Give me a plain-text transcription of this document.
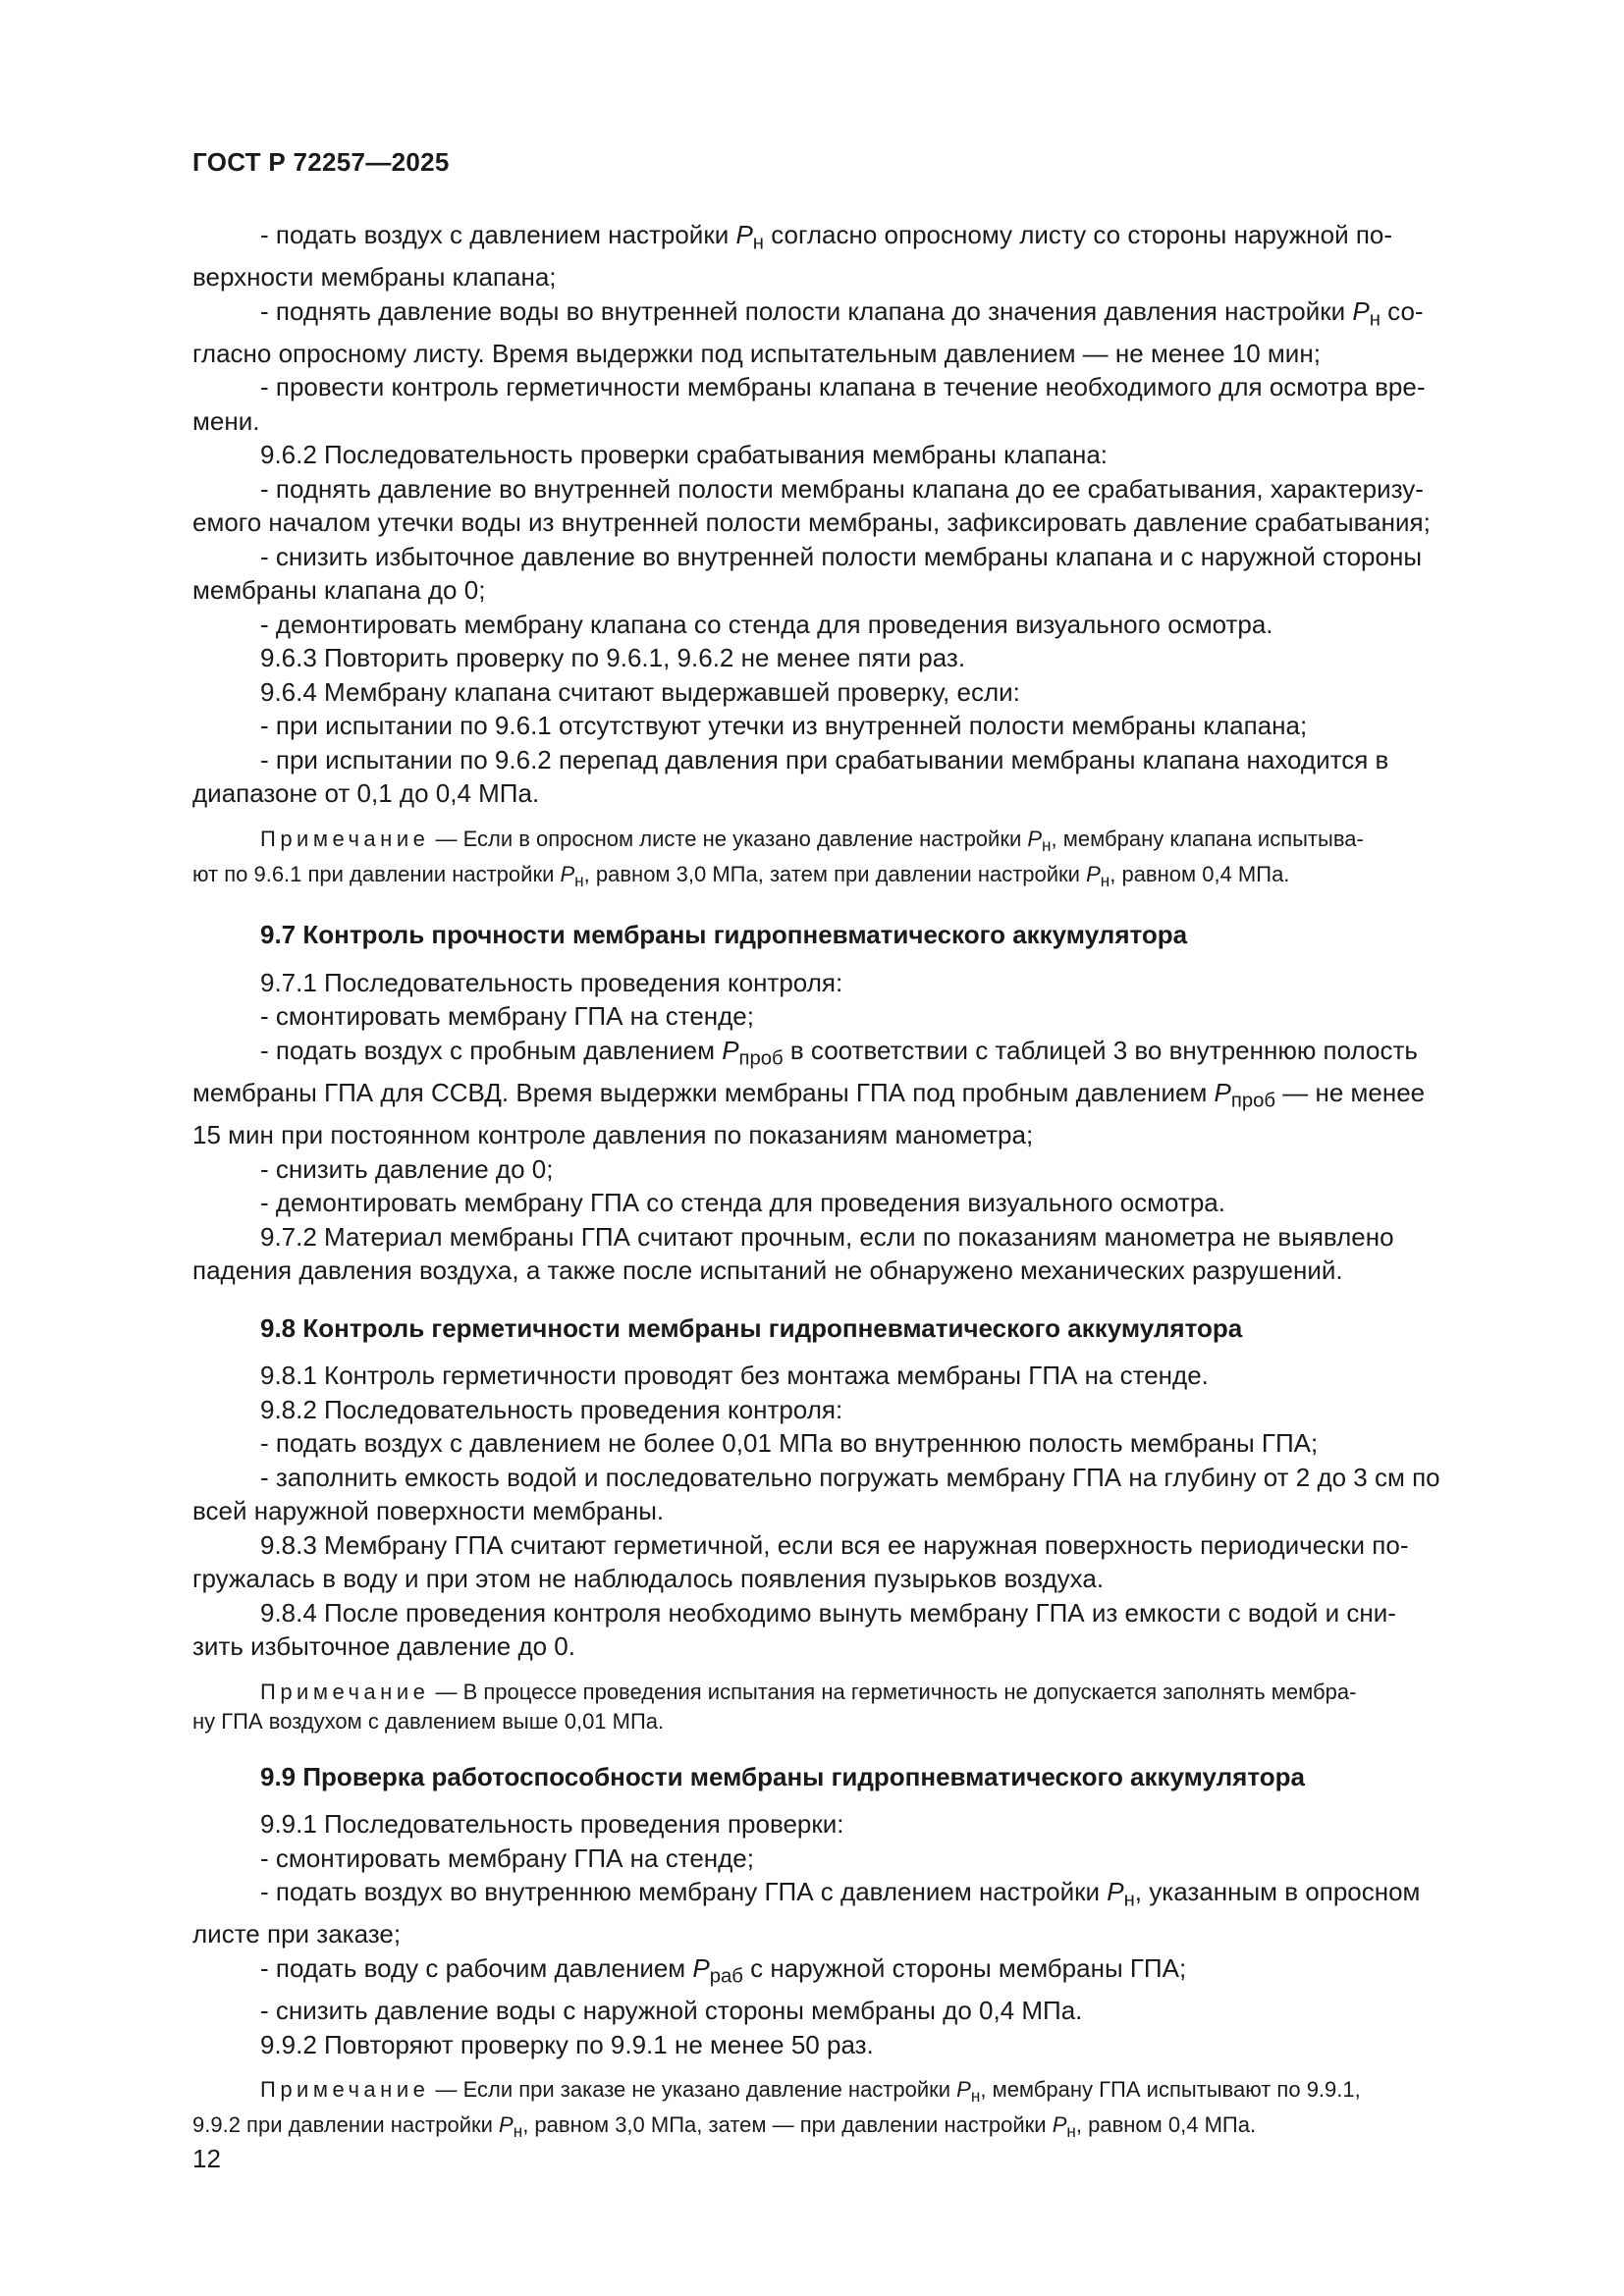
ГОСТ Р 72257—2025

- подать воздух с давлением настройки $P_н$ согласно опросному листу со стороны наружной по-

верхности мембраны клапана;

- поднять давление воды во внутренней полости клапана до значения давления настройки $P_н$ со-

гласно опросному листу. Время выдержки под испытательным давлением — не менее 10 мин;

- провести контроль герметичности мембраны клапана в течение необходимого для осмотра вре-

мени.

9.6.2 Последовательность проверки срабатывания мембраны клапана:

- поднять давление во внутренней полости мембраны клапана до ее срабатывания, характеризу-

емого началом утечки воды из внутренней полости мембраны, зафиксировать давление срабатывания;

- снизить избыточное давление во внутренней полости мембраны клапана и с наружной стороны

мембраны клапана до 0;

- демонтировать мембрану клапана со стенда для проведения визуального осмотра.

9.6.3 Повторить проверку по 9.6.1, 9.6.2 не менее пяти раз.

9.6.4 Мембрану клапана считают выдержавшей проверку, если:

- при испытании по 9.6.1 отсутствуют утечки из внутренней полости мембраны клапана;

- при испытании по 9.6.2 перепад давления при срабатывании мембраны клапана находится в

диапазоне от 0,1 до 0,4 МПа.

Примечание — Если в опросном листе не указано давление настройки $P_н$, мембрану клапана испытыва-

ют по 9.6.1 при давлении настройки $P_н$, равном 3,0 МПа, затем при давлении настройки $P_н$, равном 0,4 МПа.

9.7 Контроль прочности мембраны гидропневматического аккумулятора

9.7.1 Последовательность проведения контроля:

- смонтировать мембрану ГПА на стенде;

- подать воздух с пробным давлением $P_{проб}$ в соответствии с таблицей 3 во внутреннюю полость

мембраны ГПА для ССВД. Время выдержки мембраны ГПА под пробным давлением $P_{проб}$ — не менее

15 мин при постоянном контроле давления по показаниям манометра;

- снизить давление до 0;

- демонтировать мембрану ГПА со стенда для проведения визуального осмотра.

9.7.2 Материал мембраны ГПА считают прочным, если по показаниям манометра не выявлено

падения давления воздуха, а также после испытаний не обнаружено механических разрушений.

9.8 Контроль герметичности мембраны гидропневматического аккумулятора

9.8.1 Контроль герметичности проводят без монтажа мембраны ГПА на стенде.

9.8.2 Последовательность проведения контроля:

- подать воздух с давлением не более 0,01 МПа во внутреннюю полость мембраны ГПА;

- заполнить емкость водой и последовательно погружать мембрану ГПА на глубину от 2 до 3 см по

всей наружной поверхности мембраны.

9.8.3 Мембрану ГПА считают герметичной, если вся ее наружная поверхность периодически по-

гружалась в воду и при этом не наблюдалось появления пузырьков воздуха.

9.8.4 После проведения контроля необходимо вынуть мембрану ГПА из емкости с водой и сни-

зить избыточное давление до 0.

Примечание — В процессе проведения испытания на герметичность не допускается заполнять мембра-

ну ГПА воздухом с давлением выше 0,01 МПа.

9.9 Проверка работоспособности мембраны гидропневматического аккумулятора

9.9.1 Последовательность проведения проверки:

- смонтировать мембрану ГПА на стенде;

- подать воздух во внутреннюю мембрану ГПА с давлением настройки $P_н$, указанным в опросном

листе при заказе;

- подать воду с рабочим давлением $P_{раб}$ с наружной стороны мембраны ГПА;

- снизить давление воды с наружной стороны мембраны до 0,4 МПа.

9.9.2 Повторяют проверку по 9.9.1 не менее 50 раз.

Примечание — Если при заказе не указано давление настройки $P_н$, мембрану ГПА испытывают по 9.9.1,

9.9.2 при давлении настройки $P_н$, равном 3,0 МПа, затем — при давлении настройки $P_н$, равном 0,4 МПа.

12
